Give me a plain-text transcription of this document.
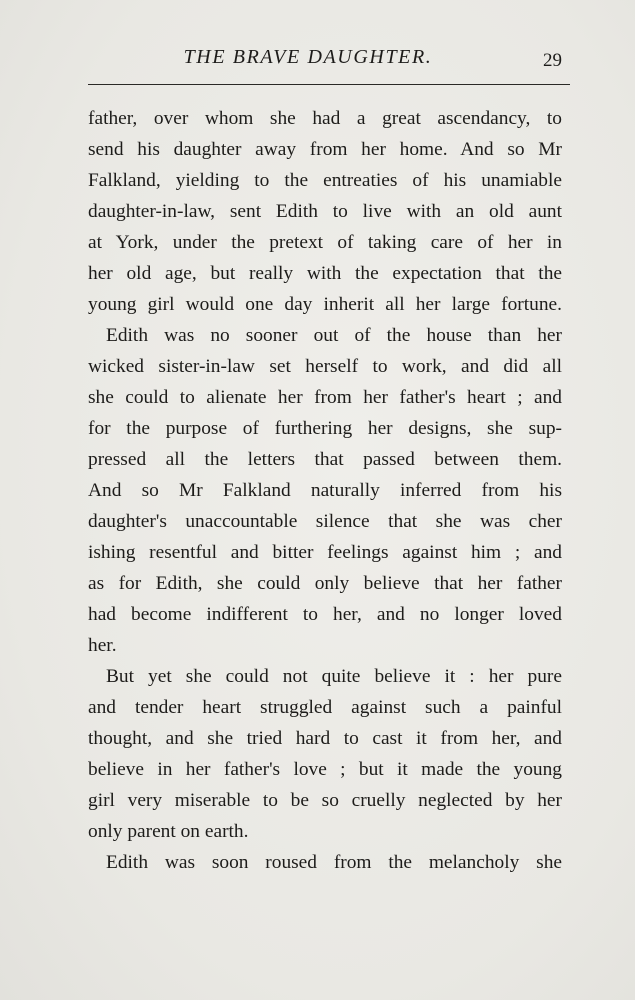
THE BRAVE DAUGHTER.	29

father, over whom she had a great ascendancy, to
send his daughter away from her home. And so Mr
Falkland, yielding to the entreaties of his unamiable
daughter-in-law, sent Edith to live with an old aunt
at York, under the pretext of taking care of her in
her old age, but really with the expectation that the
young girl would one day inherit all her large fortune.

Edith was no sooner out of the house than her
wicked sister-in-law set herself to work, and did all
she could to alienate her from her father's heart ; and
for the purpose of furthering her designs, she sup-
pressed all the letters that passed between them.
And so Mr Falkland naturally inferred from his
daughter's unaccountable silence that she was cher
ishing resentful and bitter feelings against him ; and
as for Edith, she could only believe that her father
had become indifferent to her, and no longer loved
her.

But yet she could not quite believe it : her pure
and tender heart struggled against such a painful
thought, and she tried hard to cast it from her, and
believe in her father's love ; but it made the young
girl very miserable to be so cruelly neglected by her
only parent on earth.

Edith was soon roused from the melancholy she
